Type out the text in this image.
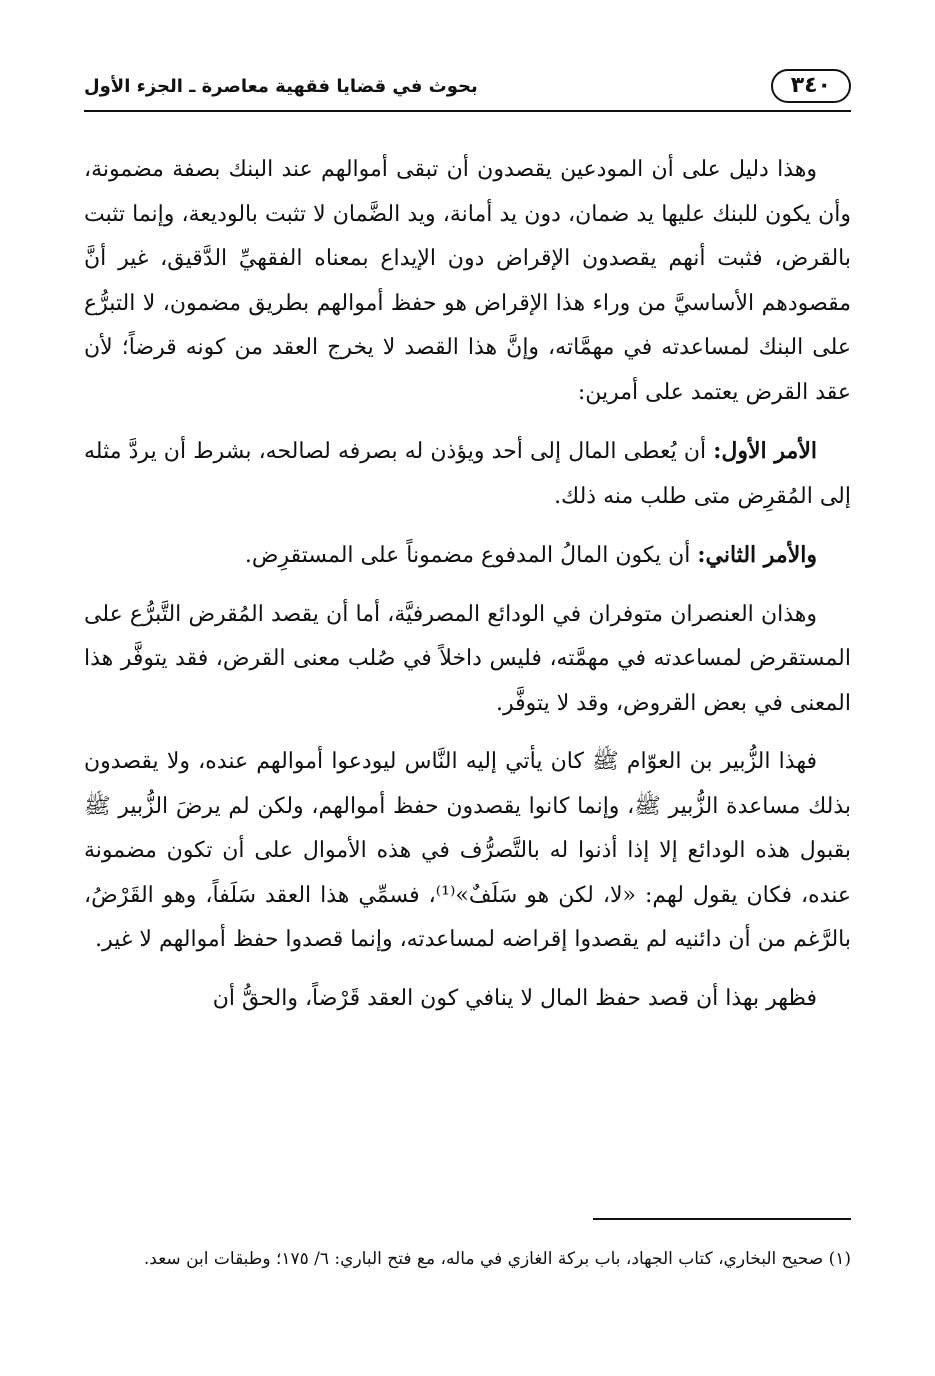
٣٤٠
بحوث في قضايا فقهية معاصرة ـ الجزء الأول

وهذا دليل على أن المودعين يقصدون أن تبقى أموالهم عند البنك بصفة مضمونة، وأن يكون للبنك عليها يد ضمان، دون يد أمانة، ويد الضَّمان لا تثبت بالوديعة، وإنما تثبت بالقرض، فثبت أنهم يقصدون الإقراض دون الإيداع بمعناه الفقهيِّ الدَّقيق، غير أنَّ مقصودهم الأساسيَّ من وراء هذا الإقراض هو حفظ أموالهم بطريق مضمون، لا التبرُّع على البنك لمساعدته في مهمَّاته، وإنَّ هذا القصد لا يخرج العقد من كونه قرضاً؛ لأن عقد القرض يعتمد على أمرين:

الأمر الأول: أن يُعطى المال إلى أحد ويؤذن له بصرفه لصالحه، بشرط أن يردَّ مثله إلى المُقرِض متى طلب منه ذلك.

والأمر الثاني: أن يكون المالُ المدفوع مضموناً على المستقرِض.

وهذان العنصران متوفران في الودائع المصرفيَّة، أما أن يقصد المُقرض التَّبرُّع على المستقرض لمساعدته في مهمَّته، فليس داخلاً في صُلب معنى القرض، فقد يتوفَّر هذا المعنى في بعض القروض، وقد لا يتوفَّر.

فهذا الزُّبير بن العوّام ﷺ كان يأتي إليه النَّاس ليودعوا أموالهم عنده، ولا يقصدون بذلك مساعدة الزُّبير ﷺ، وإنما كانوا يقصدون حفظ أموالهم، ولكن لم يرضَ الزُّبير ﷺ بقبول هذه الودائع إلا إذا أذنوا له بالتَّصرُّف في هذه الأموال على أن تكون مضمونة عنده، فكان يقول لهم: «لا، لكن هو سَلَفٌ»⁽¹⁾، فسمِّي هذا العقد سَلَفاً، وهو القَرْضُ، بالرَّغم من أن دائنيه لم يقصدوا إقراضه لمساعدته، وإنما قصدوا حفظ أموالهم لا غير.

فظهر بهذا أن قصد حفظ المال لا ينافي كون العقد قَرْضاً، والحقُّ أن

(١) صحيح البخاري، كتاب الجهاد، باب بركة الغازي في ماله، مع فتح الباري: ٦/ ١٧٥؛ وطبقات ابن سعد.
